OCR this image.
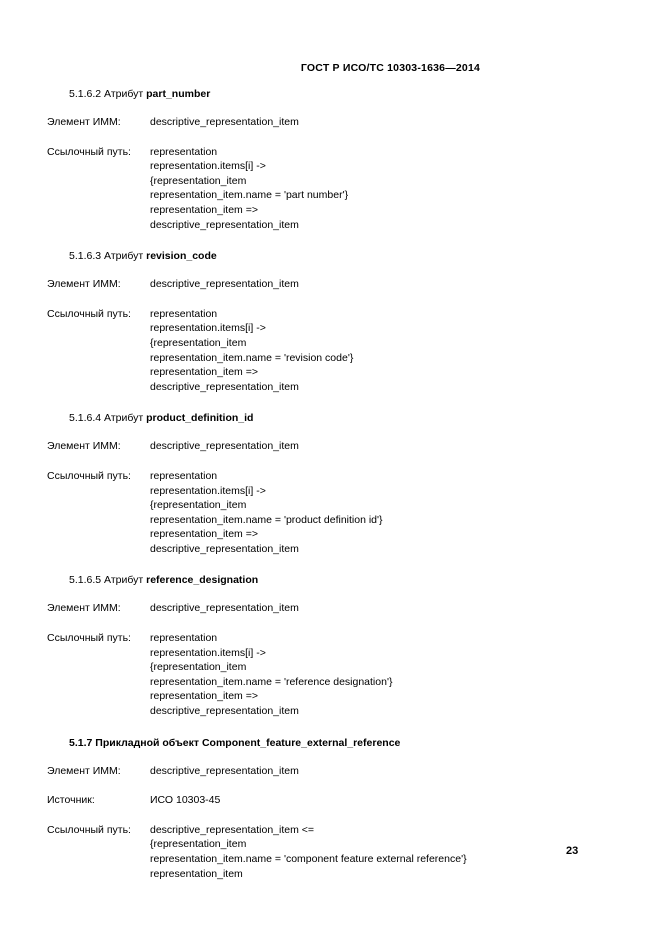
ГОСТ Р ИСО/ТС 10303-1636—2014
5.1.6.2 Атрибут part_number
Элемент ИММ:	descriptive_representation_item
Ссылочный путь:	representation
representation.items[i] ->
{representation_item
representation_item.name = 'part number'}
representation_item =>
descriptive_representation_item
5.1.6.3 Атрибут revision_code
Элемент ИММ:	descriptive_representation_item
Ссылочный путь:	representation
representation.items[i] ->
{representation_item
representation_item.name = 'revision code'}
representation_item =>
descriptive_representation_item
5.1.6.4 Атрибут product_definition_id
Элемент ИММ:	descriptive_representation_item
Ссылочный путь:	representation
representation.items[i] ->
{representation_item
representation_item.name = 'product definition id'}
representation_item =>
descriptive_representation_item
5.1.6.5 Атрибут reference_designation
Элемент ИММ:	descriptive_representation_item
Ссылочный путь:	representation
representation.items[i] ->
{representation_item
representation_item.name = 'reference designation'}
representation_item =>
descriptive_representation_item
5.1.7 Прикладной объект Component_feature_external_reference
Элемент ИММ:	descriptive_representation_item
Источник:	ИСО 10303-45
Ссылочный путь:	descriptive_representation_item <=
{representation_item
representation_item.name = 'component feature external reference'}
representation_item
23
